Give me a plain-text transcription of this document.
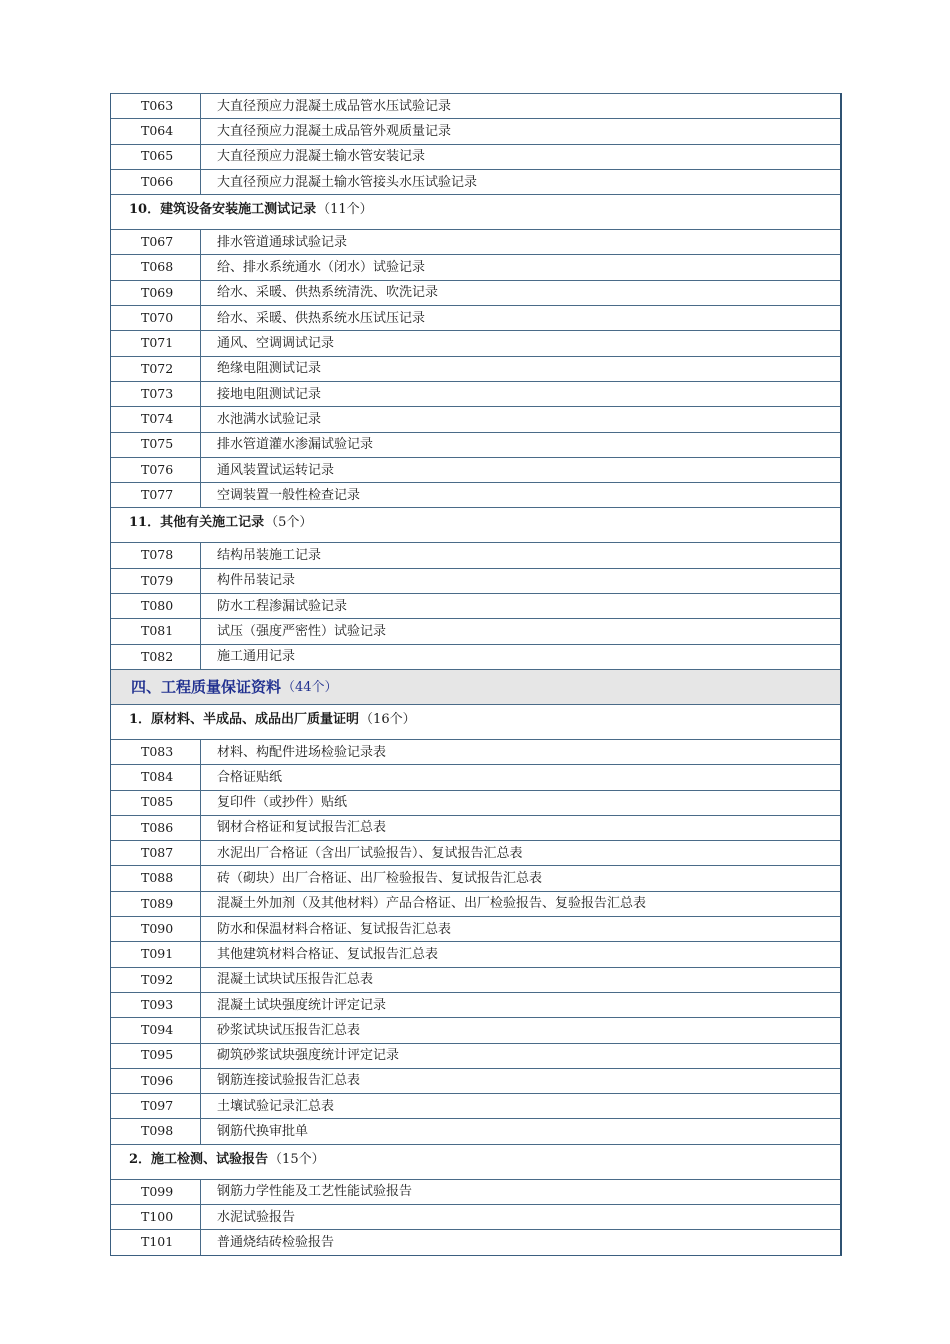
T063	大直径预应力混凝土成品管水压试验记录
T064	大直径预应力混凝土成品管外观质量记录
T065	大直径预应力混凝土输水管安装记录
T066	大直径预应力混凝土输水管接头水压试验记录
10．建筑设备安装施工测试记录 （11个）
T067	排水管道通球试验记录
T068	给、排水系统通水（闭水）试验记录
T069	给水、采暖、供热系统清洗、吹洗记录
T070	给水、采暖、供热系统水压试压记录
T071	通风、空调调试记录
T072	绝缘电阻测试记录
T073	接地电阻测试记录
T074	水池满水试验记录
T075	排水管道灌水渗漏试验记录
T076	通风装置试运转记录
T077	空调装置一般性检查记录
11．其他有关施工记录 （5个）
T078	结构吊装施工记录
T079	构件吊装记录
T080	防水工程渗漏试验记录
T081	试压（强度严密性）试验记录
T082	施工通用记录
四、工程质量保证资料 （44个）
1．原材料、半成品、成品出厂质量证明 （16个）
T083	材料、构配件进场检验记录表
T084	合格证贴纸
T085	复印件（或抄件）贴纸
T086	钢材合格证和复试报告汇总表
T087	水泥出厂合格证（含出厂试验报告）、复试报告汇总表
T088	砖（砌块）出厂合格证、出厂检验报告、复试报告汇总表
T089	混凝土外加剂（及其他材料）产品合格证、出厂检验报告、复验报告汇总表
T090	防水和保温材料合格证、复试报告汇总表
T091	其他建筑材料合格证、复试报告汇总表
T092	混凝土试块试压报告汇总表
T093	混凝土试块强度统计评定记录
T094	砂浆试块试压报告汇总表
T095	砌筑砂浆试块强度统计评定记录
T096	钢筋连接试验报告汇总表
T097	土壤试验记录汇总表
T098	钢筋代换审批单
2．施工检测、试验报告 （15个）
T099	钢筋力学性能及工艺性能试验报告
T100	水泥试验报告
T101	普通烧结砖检验报告
